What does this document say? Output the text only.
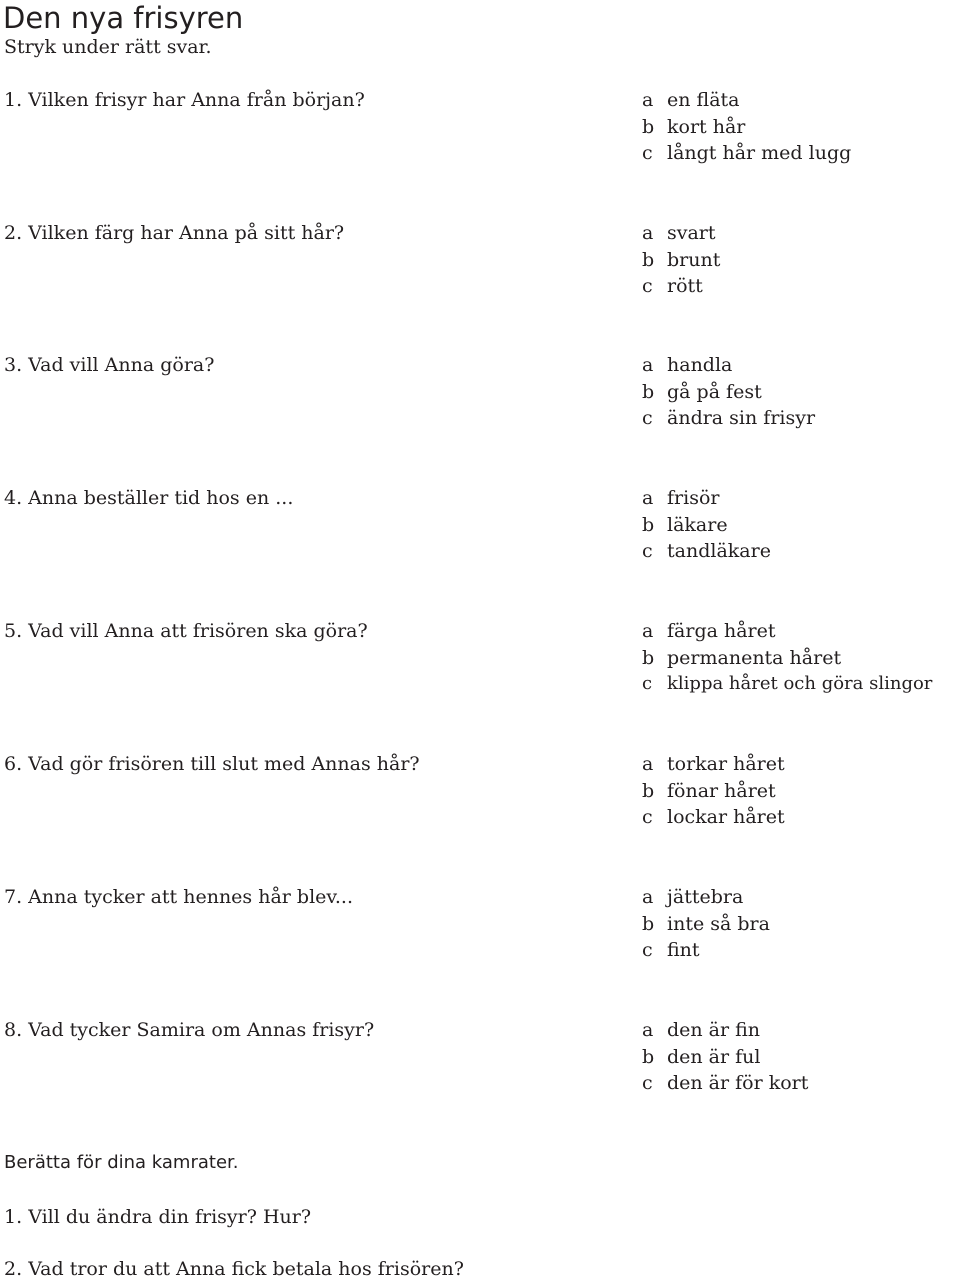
Den nya frisyren
Stryk under rätt svar.
1. Vilken frisyr har Anna från början?	a en fläta
b kort hår
c långt hår med lugg
2. Vilken färg har Anna på sitt hår?	a svart
b brunt
c rött
3. Vad vill Anna göra?	a handla
b gå på fest
c ändra sin frisyr
4. Anna beställer tid hos en ...	a frisör
b läkare
c tandläkare
5. Vad vill Anna att frisören ska göra?	a färga håret
b permanenta håret
c klippa håret och göra slingor
6. Vad gör frisören till slut med Annas hår?	a torkar håret
b fönar håret
c lockar håret
7. Anna tycker att hennes hår blev...	a jättebra
b inte så bra
c fint
8. Vad tycker Samira om Annas frisyr?	a den är fin
b den är ful
c den är för kort
Berätta för dina kamrater.
1. Vill du ändra din frisyr? Hur?
2. Vad tror du att Anna fick betala hos frisören?
